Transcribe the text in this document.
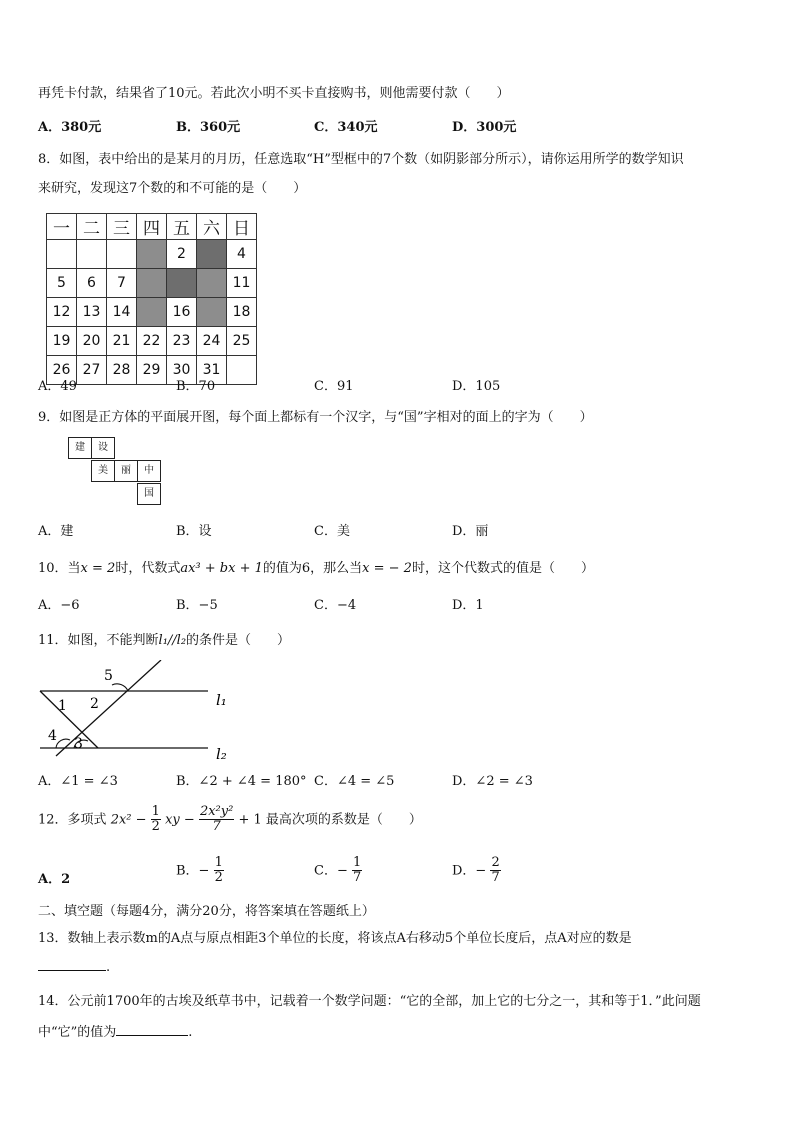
再凭卡付款，结果省了10元。若此次小明不买卡直接购书，则他需要付款（　　）
A．380元	B．360元	C．340元	D．300元
8．如图，表中给出的是某月的月历，任意选取“H”型框中的7个数（如阴影部分所示），请你运用所学的数学知识
来研究，发现这7个数的和不可能的是（　　）
一	二	三	四	五	六	日
				2		4
5	6	7				11
12	13	14		16		18
19	20	21	22	23	24	25
26	27	28	29	30	31	
A．49	B．70	C．91	D．105
9．如图是正方体的平面展开图，每个面上都标有一个汉字，与“国”字相对的面上的字为（　　）
建	设
美	丽	中
国
A．建	B．设	C．美	D．丽
10．当x = 2时，代数式ax³ + bx + 1的值为6，那么当x = − 2时，这个代数式的值是（　　）
A．−6	B．−5	C．−4	D．1
11．如图，不能判断l₁//l₂的条件是（　　）
5
1 2
4 3
l₁
l₂
A．∠1 = ∠3	B．∠2 + ∠4 = 180° C．∠4 = ∠5	D．∠2 = ∠3
12．多项式 $2x^2 - \frac{1}{2}$ xy − $\frac{\text{2x²y²}}{7} + 1$ 最高次项的系数是（　　）
A．2
B．− $\frac{1}{2}$	C．− $\frac{1}{7}$	D．− $\frac{2}{7}$
二、填空题（每题4分，满分20分，将答案填在答题纸上）
13．数轴上表示数m的A点与原点相距3个单位的长度，将该点A右移动5个单位长度后，点A对应的数是
.
14．公元前1700年的古埃及纸草书中，记载着一个数学问题：“它的全部，加上它的七分之一，其和等于1．”此问题
中“它”的值为	.
